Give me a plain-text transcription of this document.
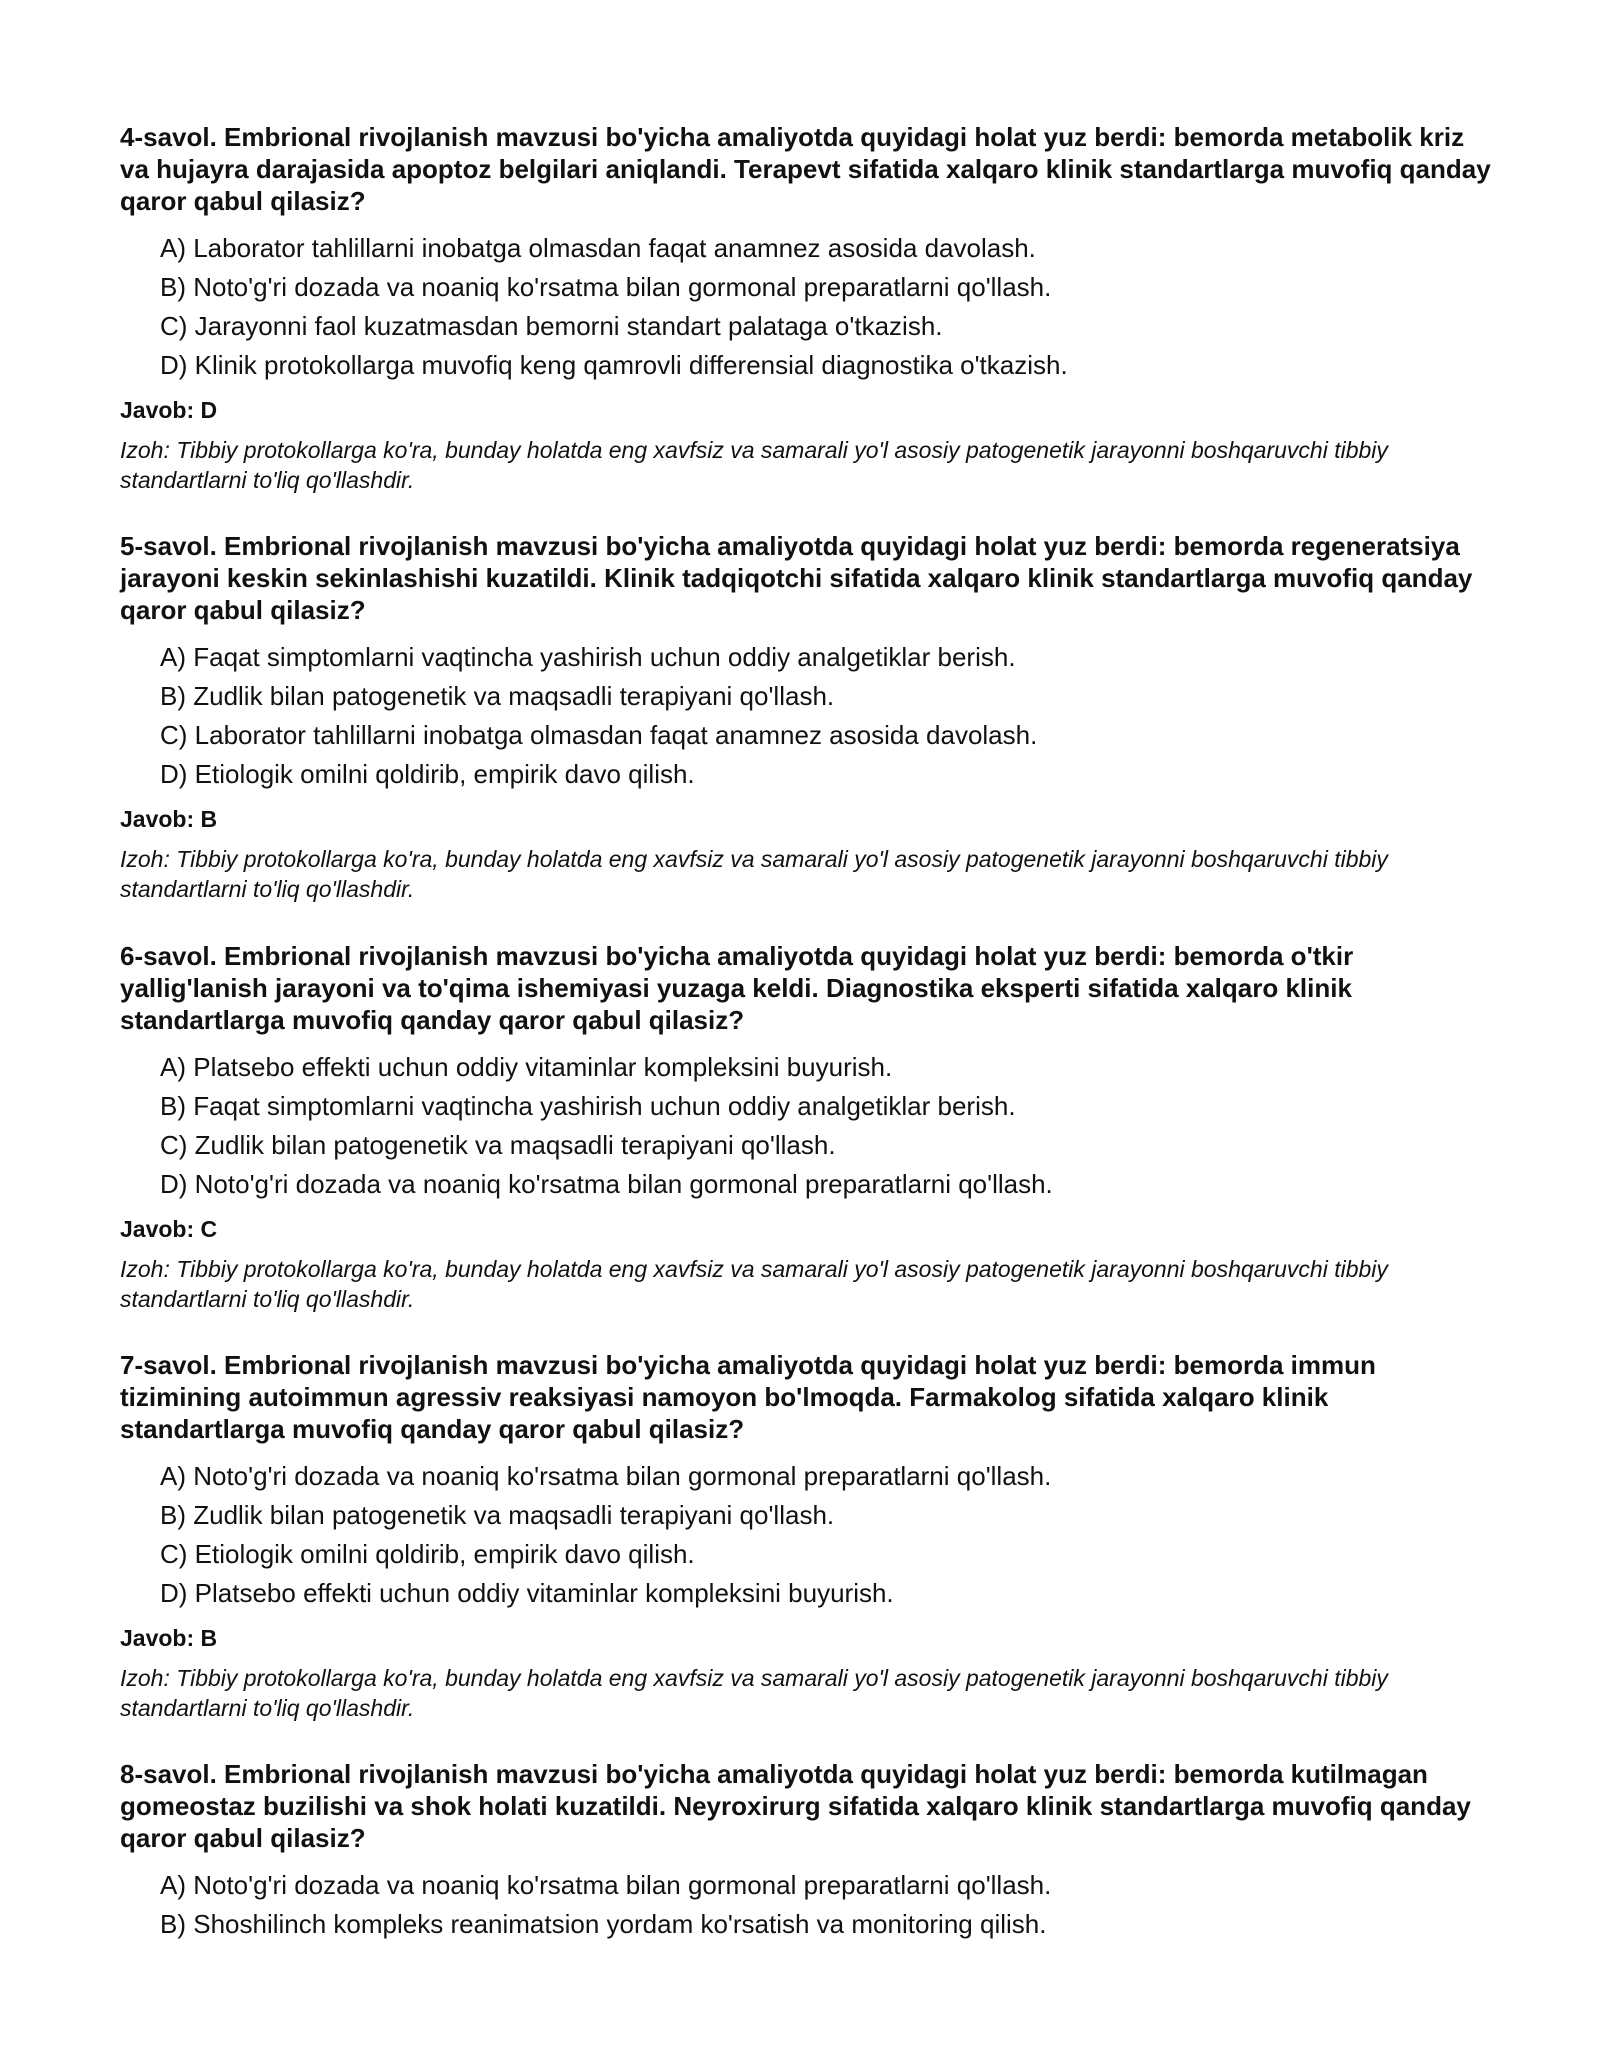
4-savol. Embrional rivojlanish mavzusi bo'yicha amaliyotda quyidagi holat yuz berdi: bemorda metabolik kriz va hujayra darajasida apoptoz belgilari aniqlandi. Terapevt sifatida xalqaro klinik standartlarga muvofiq qanday qaror qabul qilasiz?
A) Laborator tahlillarni inobatga olmasdan faqat anamnez asosida davolash.
B) Noto'g'ri dozada va noaniq ko'rsatma bilan gormonal preparatlarni qo'llash.
C) Jarayonni faol kuzatmasdan bemorni standart palataga o'tkazish.
D) Klinik protokollarga muvofiq keng qamrovli differensial diagnostika o'tkazish.
Javob: D
Izoh: Tibbiy protokollarga ko'ra, bunday holatda eng xavfsiz va samarali yo'l asosiy patogenetik jarayonni boshqaruvchi tibbiy standartlarni to'liq qo'llashdir.
5-savol. Embrional rivojlanish mavzusi bo'yicha amaliyotda quyidagi holat yuz berdi: bemorda regeneratsiya jarayoni keskin sekinlashishi kuzatildi. Klinik tadqiqotchi sifatida xalqaro klinik standartlarga muvofiq qanday qaror qabul qilasiz?
A) Faqat simptomlarni vaqtincha yashirish uchun oddiy analgetiklar berish.
B) Zudlik bilan patogenetik va maqsadli terapiyani qo'llash.
C) Laborator tahlillarni inobatga olmasdan faqat anamnez asosida davolash.
D) Etiologik omilni qoldirib, empirik davo qilish.
Javob: B
Izoh: Tibbiy protokollarga ko'ra, bunday holatda eng xavfsiz va samarali yo'l asosiy patogenetik jarayonni boshqaruvchi tibbiy standartlarni to'liq qo'llashdir.
6-savol. Embrional rivojlanish mavzusi bo'yicha amaliyotda quyidagi holat yuz berdi: bemorda o'tkir yallig'lanish jarayoni va to'qima ishemiyasi yuzaga keldi. Diagnostika eksperti sifatida xalqaro klinik standartlarga muvofiq qanday qaror qabul qilasiz?
A) Platsebo effekti uchun oddiy vitaminlar kompleksini buyurish.
B) Faqat simptomlarni vaqtincha yashirish uchun oddiy analgetiklar berish.
C) Zudlik bilan patogenetik va maqsadli terapiyani qo'llash.
D) Noto'g'ri dozada va noaniq ko'rsatma bilan gormonal preparatlarni qo'llash.
Javob: C
Izoh: Tibbiy protokollarga ko'ra, bunday holatda eng xavfsiz va samarali yo'l asosiy patogenetik jarayonni boshqaruvchi tibbiy standartlarni to'liq qo'llashdir.
7-savol. Embrional rivojlanish mavzusi bo'yicha amaliyotda quyidagi holat yuz berdi: bemorda immun tizimining autoimmun agressiv reaksiyasi namoyon bo'lmoqda. Farmakolog sifatida xalqaro klinik standartlarga muvofiq qanday qaror qabul qilasiz?
A) Noto'g'ri dozada va noaniq ko'rsatma bilan gormonal preparatlarni qo'llash.
B) Zudlik bilan patogenetik va maqsadli terapiyani qo'llash.
C) Etiologik omilni qoldirib, empirik davo qilish.
D) Platsebo effekti uchun oddiy vitaminlar kompleksini buyurish.
Javob: B
Izoh: Tibbiy protokollarga ko'ra, bunday holatda eng xavfsiz va samarali yo'l asosiy patogenetik jarayonni boshqaruvchi tibbiy standartlarni to'liq qo'llashdir.
8-savol. Embrional rivojlanish mavzusi bo'yicha amaliyotda quyidagi holat yuz berdi: bemorda kutilmagan gomeostaz buzilishi va shok holati kuzatildi. Neyroxirurg sifatida xalqaro klinik standartlarga muvofiq qanday qaror qabul qilasiz?
A) Noto'g'ri dozada va noaniq ko'rsatma bilan gormonal preparatlarni qo'llash.
B) Shoshilinch kompleks reanimatsion yordam ko'rsatish va monitoring qilish.
